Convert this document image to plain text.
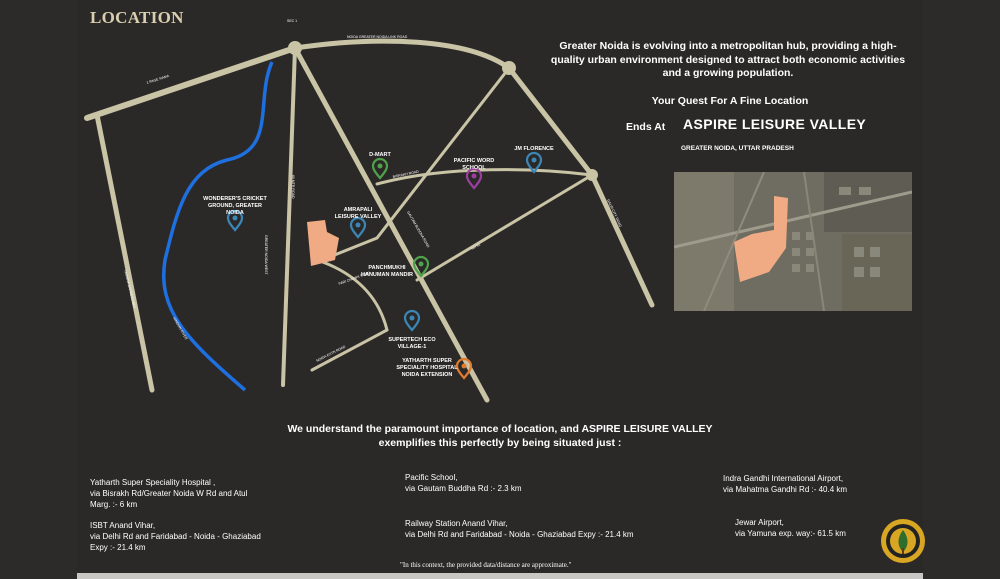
LOCATION
NOIDA GREATER NOIDA LINK ROAD
1 PAGE RAMA
SEC 1
YAMUNA EXPRESSWAY
HINDON RIVER
GAUTAM BUDDHA ROAD
60 MTR ROAD
GREATER NOIDA WEST
BISRAKH ROAD
NH 91
GAUR CITY ROAD
NOIDA EXTN ROAD
PARI CHOWK ROAD
WONDERER'S CRICKET
GROUND, GREATER
NOIDA
D-MART
PACIFIC WORD
SCHOOL
JM FLORENCE
AMRAPALI
LEISURE VALLEY
PANCHMUKHI
HANUMAN MANDIR
SUPERTECH ECO
VILLAGE-1
YATHARTH SUPER
SPECIALITY HOSPITAL
NOIDA EXTENSION
Greater Noida is evolving into a metropolitan hub, providing a high-
quality urban environment designed to attract both economic activities
and a growing population.
Your Quest For A Fine Location
Ends At ASPIRE LEISURE VALLEY
GREATER NOIDA, UTTAR PRADESH
We understand the paramount importance of location, and ASPIRE LEISURE VALLEY
exemplifies this perfectly by being situated just :
Yatharth Super Speciality Hospital ,
via Bisrakh Rd/Greater Noida W Rd and Atul
Marg. :- 6 km
ISBT Anand Vihar,
via Delhi Rd and Faridabad - Noida - Ghaziabad
Expy :- 21.4 km
Pacific School,
via Gautam Buddha Rd :- 2.3 km
Railway Station Anand Vihar,
via Delhi Rd and Faridabad - Noida - Ghaziabad Expy :- 21.4 km
Indra Gandhi International Airport,
via Mahatma Gandhi Rd :- 40.4 km
Jewar Airport,
via Yamuna exp. way:- 61.5 km
"In this context, the provided data/distance are approximate."
